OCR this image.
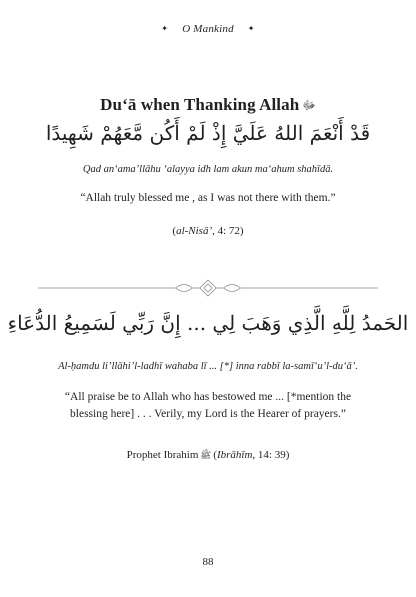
✦ O Mankind ✦
Du‘ā when Thanking Allah ﷻ
قَدْ أَنْعَمَ اللهُ عَلَيَّ إِذْ لَمْ أَكُن مَّعَهُمْ شَهِيدًا
Qad an‘ama’llāhu ‘alayya idh lam akun ma‘ahum shahīdā.
“Allah truly blessed me , as I was not there with them.”
(al-Nisā’, 4: 72)
الحَمدُ لِلَّهِ الَّذِي وَهَبَ لِي ... إِنَّ رَبِّي لَسَمِيعُ الدُّعَاءِ
Al-ḥamdu li’llāhi’l-ladhī wahaba lī ... [*] inna rabbī la-samī‘u’l-du‘ā’.
“All praise be to Allah who has bestowed me ... [*mention the blessing here] . . . Verily, my Lord is the Hearer of prayers.”
Prophet Ibrahim ﷺ (Ibrāhīm, 14: 39)
88
